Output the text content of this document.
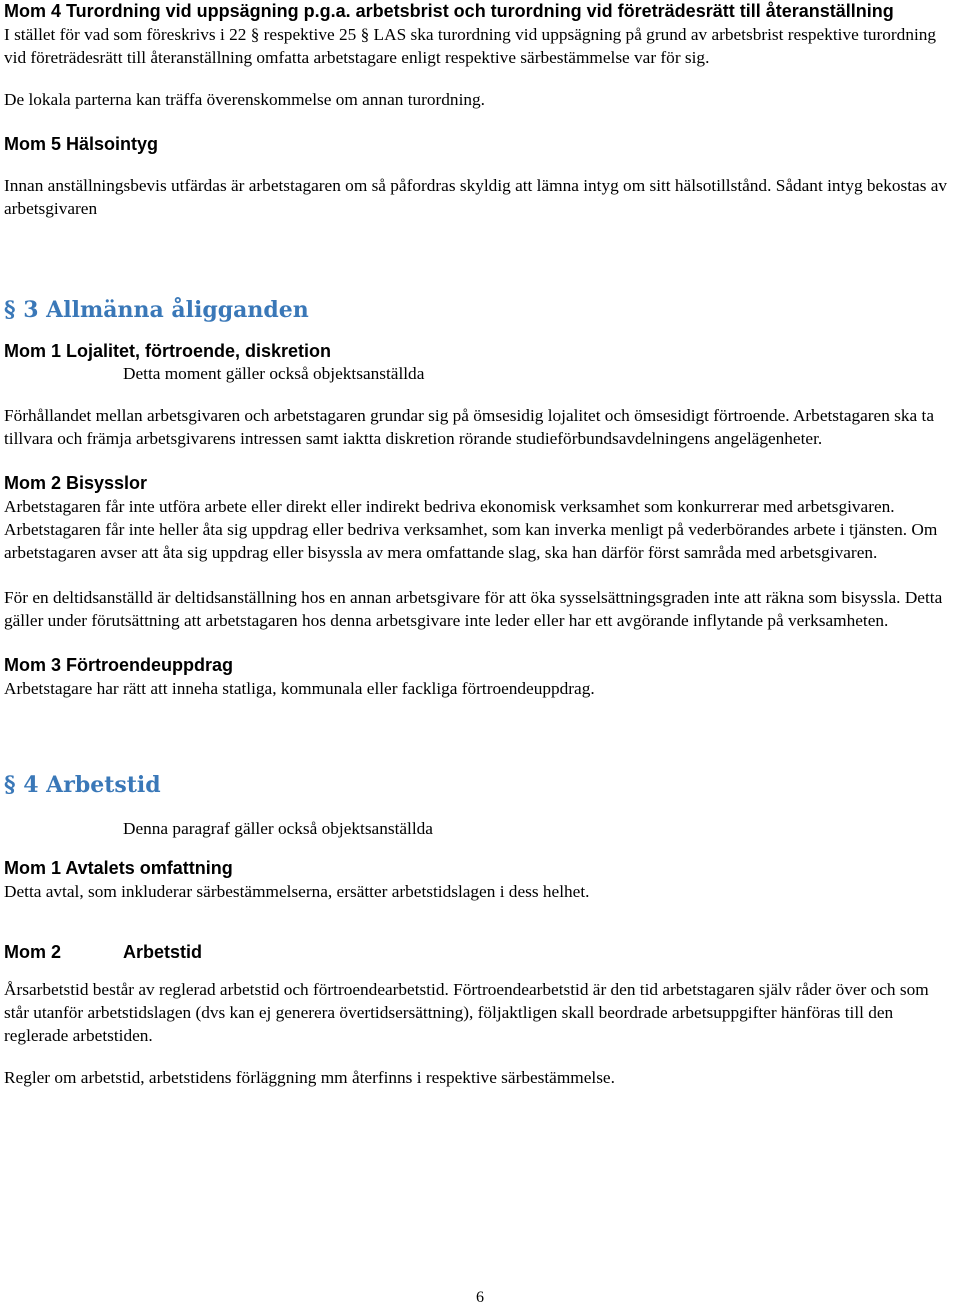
Mom 4 Turordning vid uppsägning p.g.a. arbetsbrist och turordning vid företrädesrätt till återanställning

I stället för vad som föreskrivs i 22 § respektive 25 § LAS ska turordning vid uppsägning på grund av arbetsbrist respektive turordning vid företrädesrätt till återanställning omfatta arbetstagare enligt respektive särbestämmelse var för sig.

De lokala parterna kan träffa överenskommelse om annan turordning.

Mom 5 Hälsointyg

Innan anställningsbevis utfärdas är arbetstagaren om så påfordras skyldig att lämna intyg om sitt hälsotillstånd. Sådant intyg bekostas av arbetsgivaren

§ 3 Allmänna åligganden
Mom 1 Lojalitet, förtroende, diskretion

Detta moment gäller också objektsanställda

Förhållandet mellan arbetsgivaren och arbetstagaren grundar sig på ömsesidig lojalitet och ömsesidigt förtroende. Arbetstagaren ska ta tillvara och främja arbetsgivarens intressen samt iaktta diskretion rörande studieförbundsavdelningens angelägenheter.

Mom 2 Bisysslor

Arbetstagaren får inte utföra arbete eller direkt eller indirekt bedriva ekonomisk verksamhet som konkurrerar med arbetsgivaren. Arbetstagaren får inte heller åta sig uppdrag eller bedriva verksamhet, som kan inverka menligt på vederbörandes arbete i tjänsten. Om arbetstagaren avser att åta sig uppdrag eller bisyssla av mera omfattande slag, ska han därför först samråda med arbetsgivaren.

För en deltidsanställd är deltidsanställning hos en annan arbetsgivare för att öka sysselsättningsgraden inte att räkna som bisyssla. Detta gäller under förutsättning att arbetstagaren hos denna arbetsgivare inte leder eller har ett avgörande inflytande på verksamheten.

Mom 3 Förtroendeuppdrag

Arbetstagare har rätt att inneha statliga, kommunala eller fackliga förtroendeuppdrag.

§ 4 Arbetstid

Denna paragraf gäller också objektsanställda

Mom 1 Avtalets omfattning

Detta avtal, som inkluderar särbestämmelserna, ersätter arbetstidslagen i dess helhet.

Mom 2	Arbetstid

Årsarbetstid består av reglerad arbetstid och förtroendearbetstid. Förtroendearbetstid är den tid arbetstagaren själv råder över och som står utanför arbetstidslagen (dvs kan ej generera övertidsersättning), följaktligen skall beordrade arbetsuppgifter hänföras till den reglerade arbetstiden.

Regler om arbetstid, arbetstidens förläggning mm återfinns i respektive särbestämmelse.

6
